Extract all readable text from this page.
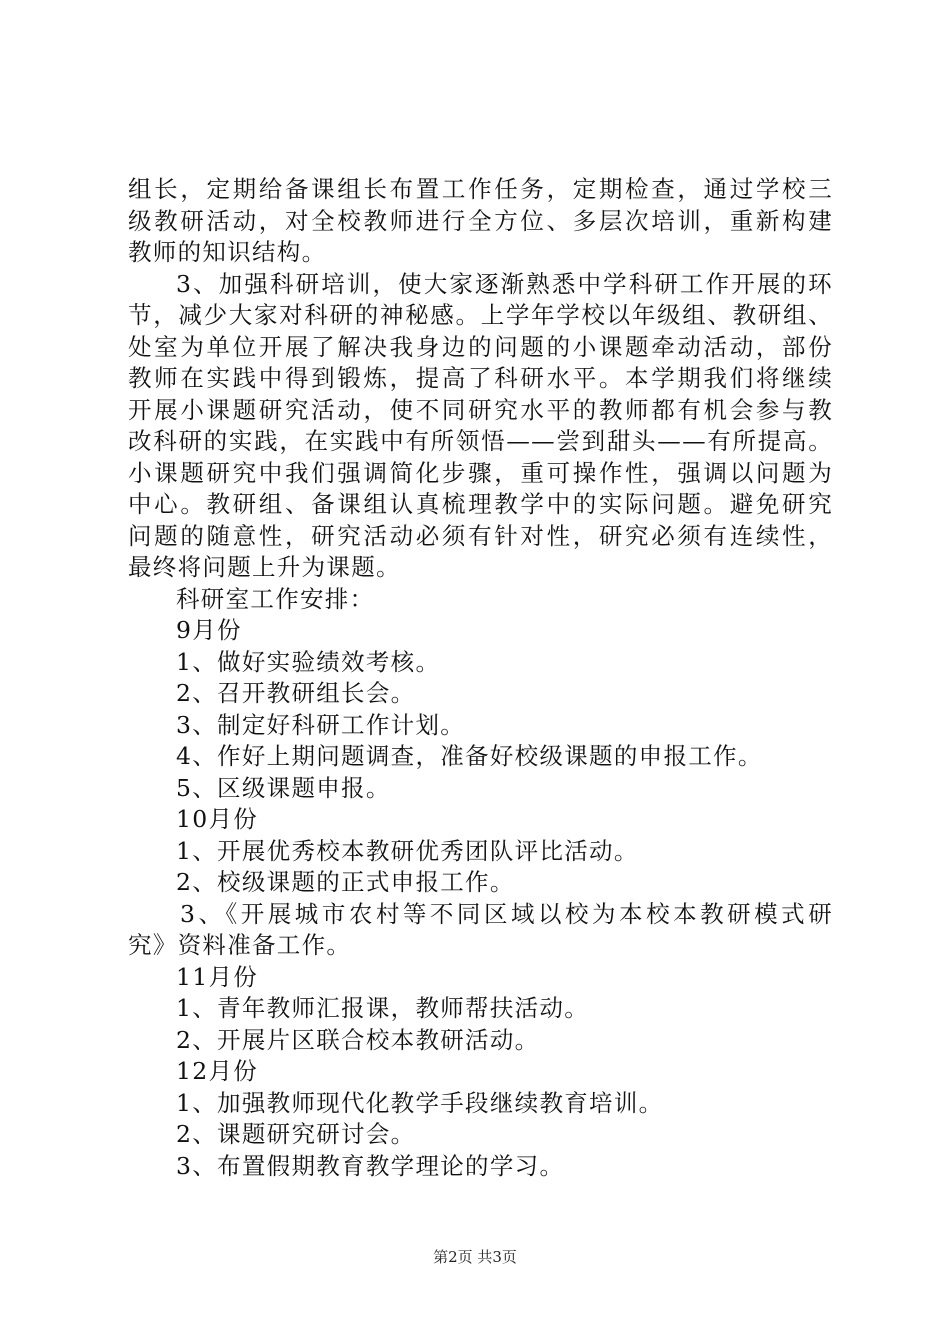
组长，定期给备课组长布置工作任务，定期检查，通过学校三
级教研活动，对全校教师进行全方位、多层次培训，重新构建
教师的知识结构。
3、加强科研培训，使大家逐渐熟悉中学科研工作开展的环
节，减少大家对科研的神秘感。上学年学校以年级组、教研组、
处室为单位开展了解决我身边的问题的小课题牵动活动，部份
教师在实践中得到锻炼，提高了科研水平。本学期我们将继续
开展小课题研究活动，使不同研究水平的教师都有机会参与教
改科研的实践，在实践中有所领悟——尝到甜头——有所提高。
小课题研究中我们强调简化步骤，重可操作性，强调以问题为
中心。教研组、备课组认真梳理教学中的实际问题。避免研究
问题的随意性，研究活动必须有针对性，研究必须有连续性，
最终将问题上升为课题。
科研室工作安排：
9月份
1、做好实验绩效考核。
2、召开教研组长会。
3、制定好科研工作计划。
4、作好上期问题调查，准备好校级课题的申报工作。
5、区级课题申报。
10月份
1、开展优秀校本教研优秀团队评比活动。
2、校级课题的正式申报工作。
3、《开展城市农村等不同区域以校为本校本教研模式研
究》资料准备工作。
11月份
1、青年教师汇报课，教师帮扶活动。
2、开展片区联合校本教研活动。
12月份
1、加强教师现代化教学手段继续教育培训。
2、课题研究研讨会。
3、布置假期教育教学理论的学习。
第2页 共3页
